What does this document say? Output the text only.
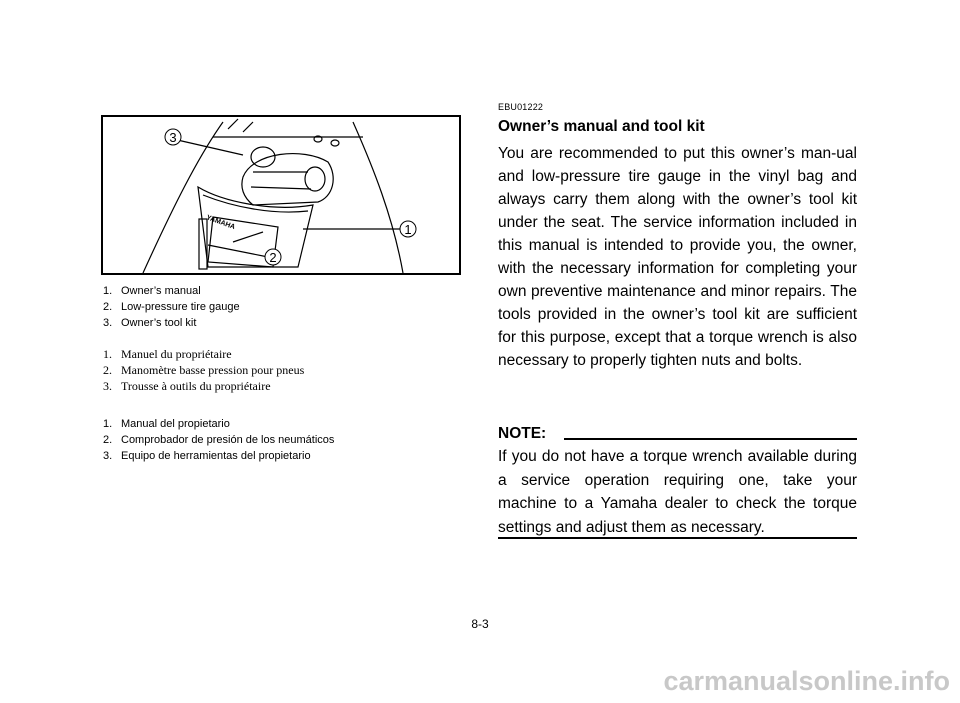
YAMAHA
3
1
2
1. Owner’s manual
2. Low-pressure tire gauge
3. Owner’s tool kit
1. Manuel du propriétaire
2. Manomètre basse pression pour pneus
3. Trousse à outils du propriétaire
1. Manual del propietario
2. Comprobador de presión de los neumáticos
3. Equipo de herramientas del propietario
EBU01222
Owner’s manual and tool kit

You are recommended to put this owner’s man-ual and low-pressure tire gauge in the vinyl bag and always carry them along with the owner’s tool kit under the seat. The service information included in this manual is intended to provide you, the owner, with the necessary information for completing your own preventive maintenance and minor repairs. The tools provided in the owner’s tool kit are sufficient for this purpose, except that a torque wrench is also necessary to properly tighten nuts and bolts.

NOTE:

If you do not have a torque wrench available during a service operation requiring one, take your machine to a Yamaha dealer to check the torque settings and adjust them as necessary.

8-3
carmanualsonline.info
